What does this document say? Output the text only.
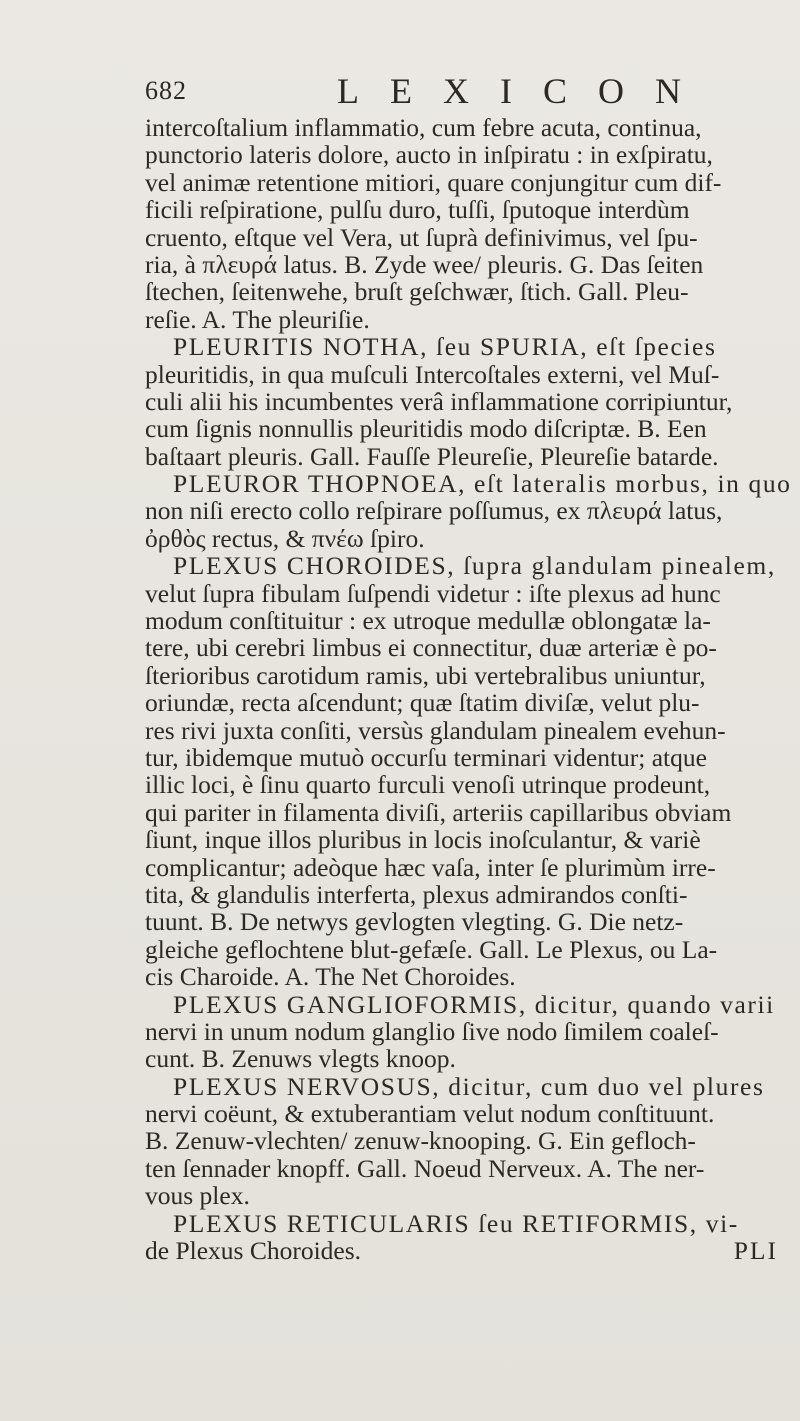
682	LEXICON
intercoſtalium inflammatio, cum febre acuta, continua,
punctorio lateris dolore, aucto in inſpiratu : in exſpiratu,
vel animæ retentione mitiori, quare conjungitur cum dif-
ficili reſpiratione, pulſu duro, tuſſi, ſputoque interdùm
cruento, eſtque vel Vera, ut ſuprà definivimus, vel ſpu-
ria, à πλευρά latus. B. Zyde wee/ pleuris. G. Das ſeiten
ſtechen, ſeitenwehe, bruſt geſchwær, ſtich. Gall. Pleu-
reſie. A. The pleuriſie.
PLEURITIS NOTHA, ſeu SPURIA, eſt ſpecies
pleuritidis, in qua muſculi Intercoſtales externi, vel Muſ-
culi alii his incumbentes verâ inflammatione corripiuntur,
cum ſignis nonnullis pleuritidis modo diſcriptæ. B. Een
baſtaart pleuris. Gall. Fauſſe Pleureſie, Pleureſie batarde.
PLEUROR THOPNOEA, eſt lateralis morbus, in quo
non niſi erecto collo reſpirare poſſumus, ex πλευρά latus,
ὀρθὸς rectus, & πνέω ſpiro.
PLEXUS CHOROIDES, ſupra glandulam pinealem,
velut ſupra fibulam ſuſpendi videtur : iſte plexus ad hunc
modum conſtituitur : ex utroque medullæ oblongatæ la-
tere, ubi cerebri limbus ei connectitur, duæ arteriæ è po-
ſterioribus carotidum ramis, ubi vertebralibus uniuntur,
oriundæ, recta aſcendunt; quæ ſtatim diviſæ, velut plu-
res rivi juxta conſiti, versùs glandulam pinealem evehun-
tur, ibidemque mutuò occurſu terminari videntur; atque
illic loci, è ſinu quarto furculi venoſi utrinque prodeunt,
qui pariter in filamenta diviſi, arteriis capillaribus obviam
ſiunt, inque illos pluribus in locis inoſculantur, & variè
complicantur; adeòque hæc vaſa, inter ſe plurimùm irre-
tita, & glandulis interferta, plexus admirandos conſti-
tuunt. B. De netwys gevlogten vlegting. G. Die netz-
gleiche geflochtene blut-gefæſe. Gall. Le Plexus, ou La-
cis Charoide. A. The Net Choroides.
PLEXUS GANGLIOFORMIS, dicitur, quando varii
nervi in unum nodum glanglio ſive nodo ſimilem coaleſ-
cunt. B. Zenuws vlegts knoop.
PLEXUS NERVOSUS, dicitur, cum duo vel plures
nervi coëunt, & extuberantiam velut nodum conſtituunt.
B. Zenuw-vlechten/ zenuw-knooping. G. Ein gefloch-
ten ſennader knopff. Gall. Noeud Nerveux. A. The ner-
vous plex.
PLEXUS RETICULARIS ſeu RETIFORMIS, vi-
de Plexus Choroides.	PLI
